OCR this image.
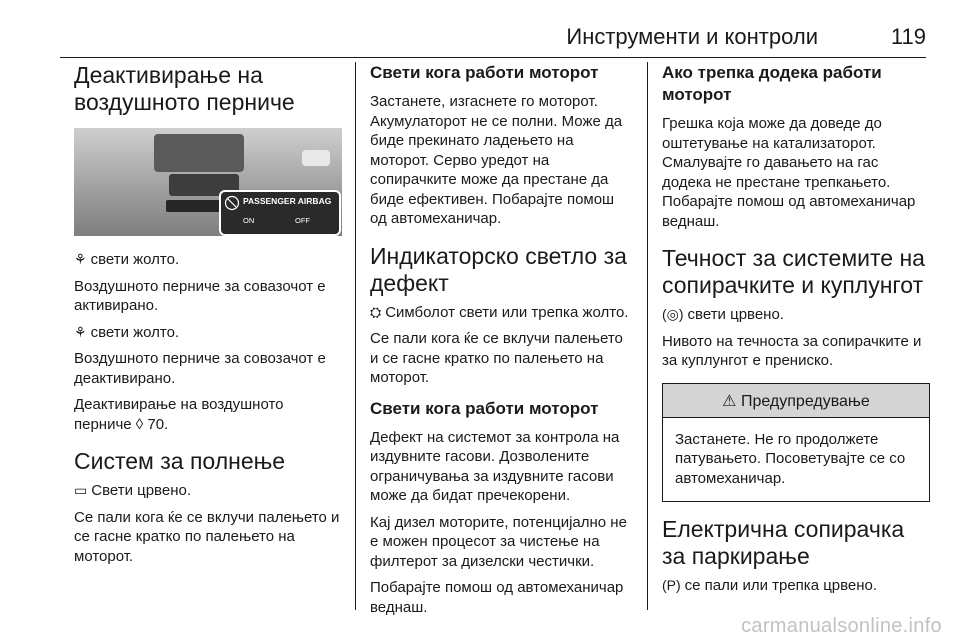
Инструменти и контроли	119
Деактивирање на воздушното перниче
PASSENGER AIRBAG
ON	OFF

⚘ свети жолто.

Воздушното перниче за совазочот е активирано.

⚘ свети жолто.

Воздушното перниче за совозачот е деактивирано.

Деактивирање на воздушното перниче ◊ 70.

Систем за полнење

▭ Свети црвено.

Се пали кога ќе се вклучи палењето и се гасне кратко по палењето на моторот.

Свети кога работи моторот

Застанете, изгаснете го моторот. Акумулаторот не се полни. Може да биде прекинато ладењето на моторот. Серво уредот на сопирачките може да престане да биде ефективен. Побарајте помош од автомеханичар.

Индикаторско светло за дефект

⛭ Симболот свети или трепка жолто.

Се пали кога ќе се вклучи палењето и се гасне кратко по палењето на моторот.

Свети кога работи моторот

Дефект на системот за контрола на издувните гасови. Дозволените ограничувања за издувните гасови може да бидат пречекорени.

Кај дизел моторите, потенцијално не е можен процесот за чистење на филтерот за дизелски честички.

Побарајте помош од автомеханичар веднаш.

Ако трепка додека работи моторот

Грешка која може да доведе до оштетување на катализаторот. Смалувајте го давањето на гас додека не престане трепкањето. Побарајте помош од автомеханичар веднаш.

Течност за системите на сопирачките и куплунгот

(◎) свети црвено.

Нивото на течноста за сопирачките и за куплунгот е прениско.

⚠ Предупредување

Застанете. Не го продолжете патувањето. Посоветувајте се со автомеханичар.

Електрична сопирачка за паркирање

(P) се пали или трепка црвено.

carmanualsonline.info
